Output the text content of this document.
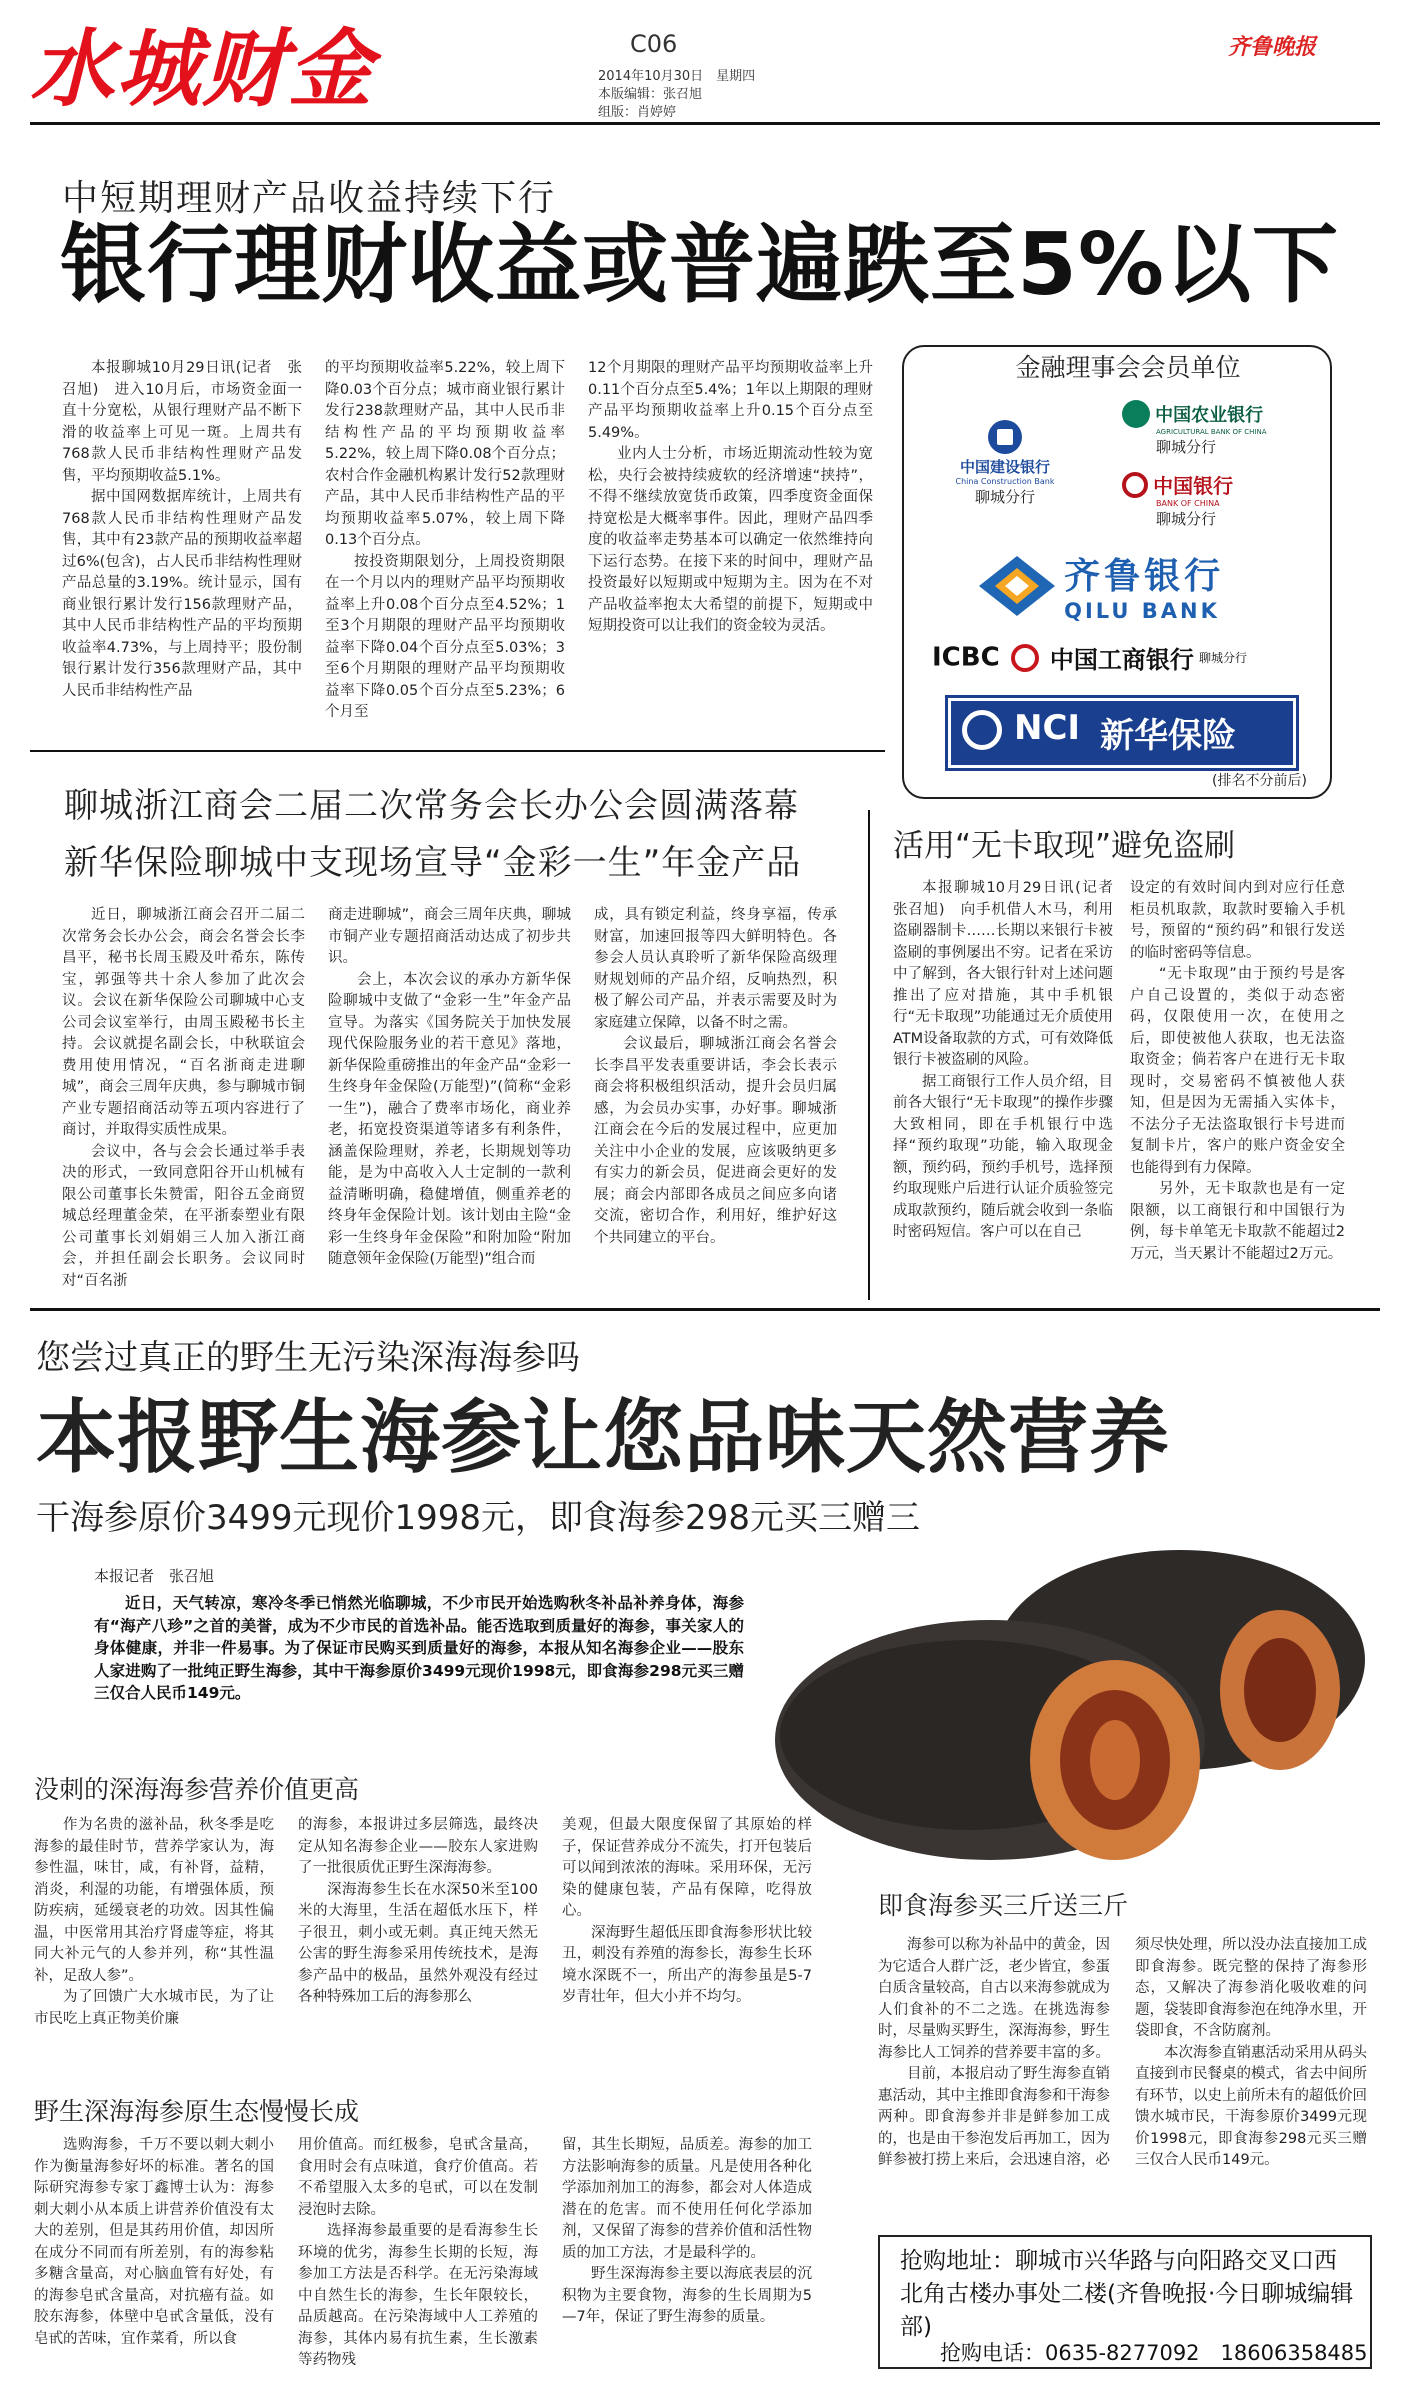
水城财金	C06
2014年10月30日　星期四
本版编辑：张召旭
组版：肖婷婷
齐鲁晚报
中短期理财产品收益持续下行
银行理财收益或普遍跌至5%以下

本报聊城10月29日讯(记者　张召旭)　进入10月后，市场资金面一直十分宽松，从银行理财产品不断下滑的收益率上可见一斑。上周共有768款人民币非结构性理财产品发售，平均预期收益5.1%。

据中国网数据库统计，上周共有768款人民币非结构性理财产品发售，其中有23款产品的预期收益率超过6%(包含)，占人民币非结构性理财产品总量的3.19%。统计显示，国有商业银行累计发行156款理财产品，其中人民币非结构性产品的平均预期收益率4.73%，与上周持平；股份制银行累计发行356款理财产品，其中人民币非结构性产品

的平均预期收益率5.22%，较上周下降0.03个百分点；城市商业银行累计发行238款理财产品，其中人民币非结构性产品的平均预期收益率5.22%，较上周下降0.08个百分点；农村合作金融机构累计发行52款理财产品，其中人民币非结构性产品的平均预期收益率5.07%，较上周下降0.13个百分点。

按投资期限划分，上周投资期限在一个月以内的理财产品平均预期收益率上升0.08个百分点至4.52%；1至3个月期限的理财产品平均预期收益率下降0.04个百分点至5.03%；3至6个月期限的理财产品平均预期收益率下降0.05个百分点至5.23%；6个月至

12个月期限的理财产品平均预期收益率上升0.11个百分点至5.4%；1年以上期限的理财产品平均预期收益率上升0.15个百分点至5.49%。

业内人士分析，市场近期流动性较为宽松，央行会被持续疲软的经济增速“挟持”，不得不继续放宽货币政策，四季度资金面保持宽松是大概率事件。因此，理财产品四季度的收益率走势基本可以确定一依然维持向下运行态势。在接下来的时间中，理财产品投资最好以短期或中短期为主。因为在不对产品收益率抱太大希望的前提下，短期或中短期投资可以让我们的资金较为灵活。

金融理事会会员单位
中国建设银行
China Construction Bank
聊城分行
中国农业银行
AGRICULTURAL BANK OF CHINA
聊城分行
中国银行
BANK OF CHINA
聊城分行

齐鲁银行
QILU BANK
ICBC 中国工商银行 聊城分行
NCI 新华保险
(排名不分前后)
聊城浙江商会二届二次常务会长办公会圆满落幕
新华保险聊城中支现场宣导“金彩一生”年金产品

近日，聊城浙江商会召开二届二次常务会长办公会，商会名誉会长李昌平，秘书长周玉殿及叶希东，陈传宝，郭强等共十余人参加了此次会议。会议在新华保险公司聊城中心支公司会议室举行，由周玉殿秘书长主持。会议就提名副会长，中秋联谊会费用使用情况，“百名浙商走进聊城”，商会三周年庆典，参与聊城市铜产业专题招商活动等五项内容进行了商讨，并取得实质性成果。

会议中，各与会会长通过举手表决的形式，一致同意阳谷开山机械有限公司董事长朱赞雷，阳谷五金商贸城总经理董金荣，在平浙泰塑业有限公司董事长刘娟娟三人加入浙江商会，并担任副会长职务。会议同时对“百名浙

商走进聊城”，商会三周年庆典，聊城市铜产业专题招商活动达成了初步共识。

会上，本次会议的承办方新华保险聊城中支做了“金彩一生”年金产品宣导。为落实《国务院关于加快发展现代保险服务业的若干意见》落地，新华保险重磅推出的年金产品“金彩一生终身年金保险(万能型)”(简称“金彩一生”)，融合了费率市场化，商业养老，拓宽投资渠道等诸多有利条件，涵盖保险理财，养老，长期规划等功能，是为中高收入人士定制的一款利益清晰明确，稳健增值，侧重养老的终身年金保险计划。该计划由主险“金彩一生终身年金保险”和附加险“附加随意领年金保险(万能型)”组合而

成，具有锁定利益，终身享福，传承财富，加速回报等四大鲜明特色。各参会人员认真聆听了新华保险高级理财规划师的产品介绍，反响热烈，积极了解公司产品，并表示需要及时为家庭建立保障，以备不时之需。

会议最后，聊城浙江商会名誉会长李昌平发表重要讲话，李会长表示商会将积极组织活动，提升会员归属感，为会员办实事，办好事。聊城浙江商会在今后的发展过程中，应更加关注中小企业的发展，应该吸纳更多有实力的新会员，促进商会更好的发展；商会内部即各成员之间应多向诸交流，密切合作，利用好，维护好这个共同建立的平台。

活用“无卡取现”避免盗刷

本报聊城10月29日讯(记者　张召旭)　向手机借人木马，利用盗刷器制卡……长期以来银行卡被盗刷的事例屡出不穷。记者在采访中了解到，各大银行针对上述问题推出了应对措施，其中手机银行“无卡取现”功能通过无介质使用ATM设备取款的方式，可有效降低银行卡被盗刷的风险。

据工商银行工作人员介绍，目前各大银行“无卡取现”的操作步骤大致相同，即在手机银行中选择“预约取现”功能，输入取现金额，预约码，预约手机号，选择预约取现账户后进行认证介质验签完成取款预约，随后就会收到一条临时密码短信。客户可以在自己

设定的有效时间内到对应行任意柜员机取款，取款时要输入手机号，预留的“预约码”和银行发送的临时密码等信息。

“无卡取现”由于预约号是客户自己设置的，类似于动态密码，仅限使用一次，在使用之后，即使被他人获取，也无法盗取资金；倘若客户在进行无卡取现时，交易密码不慎被他人获知，但是因为无需插入实体卡，不法分子无法盗取银行卡号进而复制卡片，客户的账户资金安全也能得到有力保障。

另外，无卡取款也是有一定限额，以工商银行和中国银行为例，每卡单笔无卡取款不能超过2万元，当天累计不能超过2万元。

您尝过真正的野生无污染深海海参吗
本报野生海参让您品味天然营养
干海参原价3499元现价1998元，即食海参298元买三赠三
本报记者　张召旭

近日，天气转凉，寒冷冬季已悄然光临聊城，不少市民开始选购秋冬补品补养身体，海参有“海产八珍”之首的美誉，成为不少市民的首选补品。能否选取到质量好的海参，事关家人的身体健康，并非一件易事。为了保证市民购买到质量好的海参，本报从知名海参企业——股东人家进购了一批纯正野生海参，其中干海参原价3499元现价1998元，即食海参298元买三赠三仅合人民币149元。

没刺的深海海参营养价值更高

作为名贵的滋补品，秋冬季是吃海参的最佳时节，营养学家认为，海参性温，味甘，咸，有补肾，益精，消炎，利湿的功能，有增强体质，预防疾病，延缓衰老的功效。因其性偏温，中医常用其治疗肾虚等症，将其同大补元气的人参并列，称“其性温补，足敌人参”。

为了回馈广大水城市民，为了让市民吃上真正物美价廉

的海参，本报讲过多层筛选，最终决定从知名海参企业——胶东人家进购了一批很质优正野生深海海参。

深海海参生长在水深50米至100米的大海里，生活在超低水压下，样子很丑，刺小或无刺。真正纯天然无公害的野生海参采用传统技术，是海参产品中的极品，虽然外观没有经过各种特殊加工后的海参那么

美观，但最大限度保留了其原始的样子，保证营养成分不流失，打开包装后可以闻到浓浓的海味。采用环保，无污染的健康包装，产品有保障，吃得放心。

深海野生超低压即食海参形状比较丑，刺没有养殖的海参长，海参生长环境水深既不一，所出产的海参虽是5-7岁青壮年，但大小并不均匀。

野生深海海参原生态慢慢长成

选购海参，千万不要以刺大刺小作为衡量海参好坏的标准。著名的国际研究海参专家丁鑫博士认为：海参刺大刺小从本质上讲营养价值没有太大的差别，但是其药用价值，却因所在成分不同而有所差别，有的海参粘多糖含量高，对心脑血管有好处，有的海参皂甙含量高，对抗癌有益。如胶东海参，体壁中皂甙含量低，没有皂甙的苦味，宜作菜肴，所以食

用价值高。而红极参，皂甙含量高，食用时会有点味道，食疗价值高。若不希望服入太多的皂甙，可以在发制浸泡时去除。

选择海参最重要的是看海参生长环境的优劣，海参生长期的长短，海参加工方法是否科学。在无污染海域中自然生长的海参，生长年限较长，品质越高。在污染海域中人工养殖的海参，其体内易有抗生素，生长激素等药物残

留，其生长期短，品质差。海参的加工方法影响海参的质量。凡是使用各种化学添加剂加工的海参，都会对人体造成潜在的危害。而不使用任何化学添加剂，又保留了海参的营养价值和活性物质的加工方法，才是最科学的。

野生深海海参主要以海底表层的沉积物为主要食物，海参的生长周期为5—7年，保证了野生海参的质量。

即食海参买三斤送三斤

海参可以称为补品中的黄金，因为它适合人群广泛，老少皆宜，参蛋白质含量较高，自古以来海参就成为人们食补的不二之选。在挑选海参时，尽量购买野生，深海海参，野生海参比人工饲养的营养要丰富的多。

目前，本报启动了野生海参直销惠活动，其中主推即食海参和干海参两种。即食海参并非是鲜参加工成的，也是由干参泡发后再加工，因为鲜参被打捞上来后，会迅速自溶，必

须尽快处理，所以没办法直接加工成即食海参。既完整的保持了海参形态，又解决了海参消化吸收难的问题，袋装即食海参泡在纯净水里，开袋即食，不含防腐剂。

本次海参直销惠活动采用从码头直接到市民餐桌的模式，省去中间所有环节，以史上前所未有的超低价回馈水城市民，干海参原价3499元现价1998元，即食海参298元买三赠三仅合人民币149元。

抢购地址：聊城市兴华路与向阳路交叉口西北角古楼办事处二楼(齐鲁晚报·今日聊城编辑部)
抢购电话：0635-8277092　18606358485
